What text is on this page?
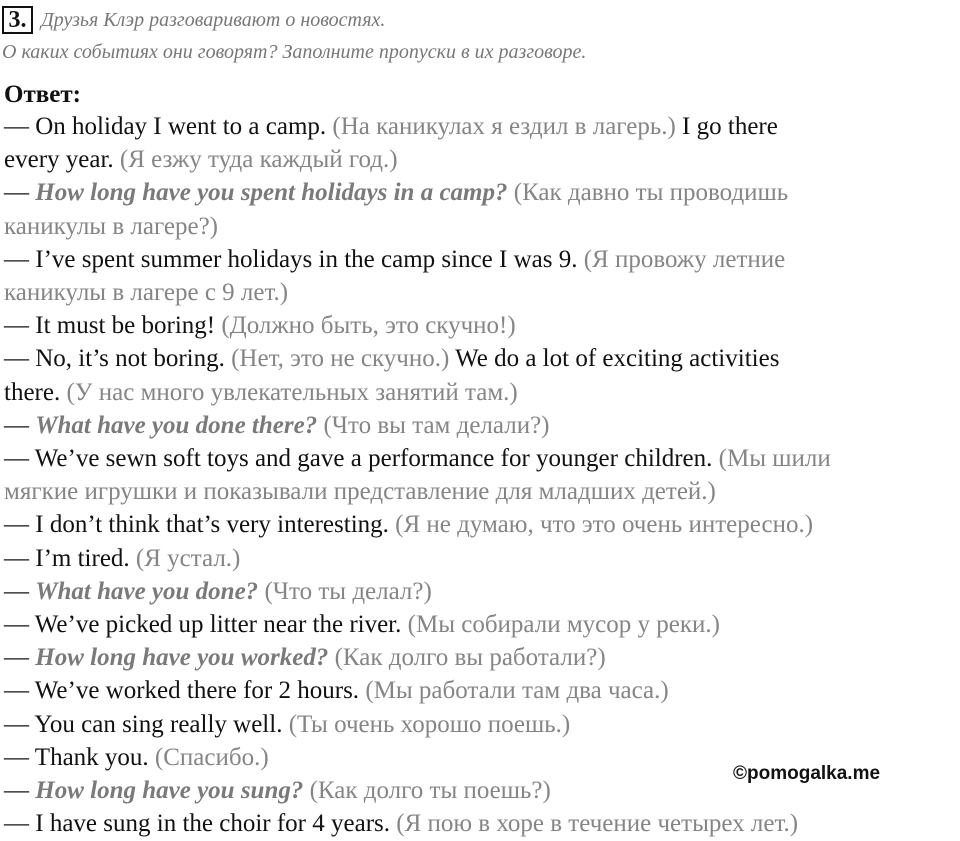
3. Друзья Клэр разговаривают о новостях.
О каких событиях они говорят? Заполните пропуски в их разговоре.
Ответ:

— On holiday I went to a camp. (На каникулах я ездил в лагерь.) I go there

every year. (Я езжу туда каждый год.)

— How long have you spent holidays in a camp? (Как давно ты проводишь

каникулы в лагере?)

— I’ve spent summer holidays in the camp since I was 9. (Я провожу летние

каникулы в лагере с 9 лет.)

— It must be boring! (Должно быть, это скучно!)

— No, it’s not boring. (Нет, это не скучно.) We do a lot of exciting activities

there. (У нас много увлекательных занятий там.)

— What have you done there? (Что вы там делали?)

— We’ve sewn soft toys and gave a performance for younger children. (Мы шили

мягкие игрушки и показывали представление для младших детей.)

— I don’t think that’s very interesting. (Я не думаю, что это очень интересно.)

— I’m tired. (Я устал.)

— What have you done? (Что ты делал?)

— We’ve picked up litter near the river. (Мы собирали мусор у реки.)

— How long have you worked? (Как долго вы работали?)

— We’ve worked there for 2 hours. (Мы работали там два часа.)

— You can sing really well. (Ты очень хорошо поешь.)

— Thank you. (Спасибо.)

— How long have you sung? (Как долго ты поешь?)

— I have sung in the choir for 4 years. (Я пою в хоре в течение четырех лет.)

©pomogalka.me
